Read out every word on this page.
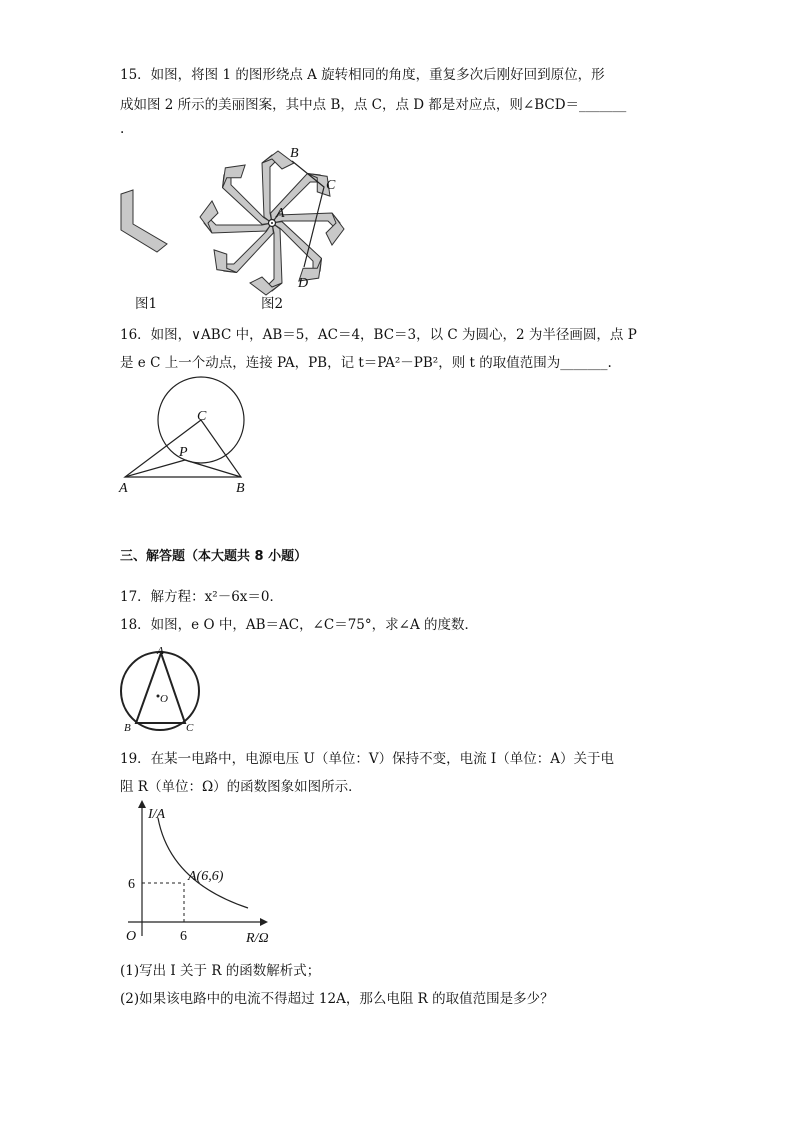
15．如图，将图 1 的图形绕点 A 旋转相同的角度，重复多次后刚好回到原位，形
成如图 2 所示的美丽图案，其中点 B，点 C，点 D 都是对应点，则∠BCD＝_______
.
图1
B
C
A
D
图2
16．如图，∨ABC 中，AB＝5，AC＝4，BC＝3，以 C 为圆心，2 为半径画圆，点 P
是 e C 上一个动点，连接 PA，PB，记 t＝PA²－PB²，则 t 的取值范围为_______.
C
P
A	B
三、解答题（本大题共 8 小题）
17．解方程：x²－6x＝0．
18．如图，e O 中，AB＝AC，∠C＝75°，求∠A 的度数．
A
O
B	C
19．在某一电路中，电源电压 U（单位：V）保持不变，电流 I（单位：A）关于电
阻 R（单位：Ω）的函数图象如图所示．
I/A
R/Ω
O	6
6
A(6,6)
(1)写出 I 关于 R 的函数解析式；
(2)如果该电路中的电流不得超过 12A，那么电阻 R 的取值范围是多少？
